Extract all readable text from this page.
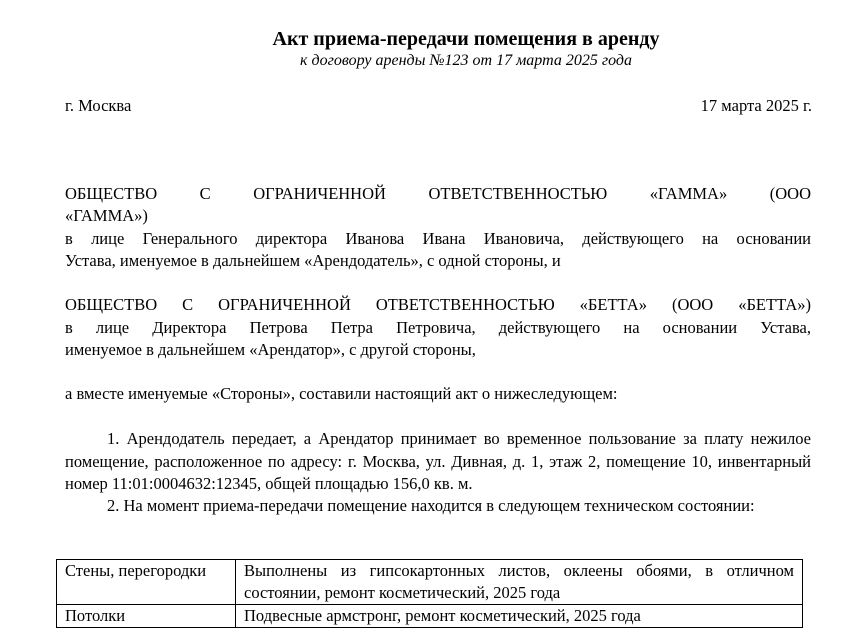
Акт приема-передачи помещения в аренду
к договору аренды №123 от 17 марта 2025 года
г. Москва	17 марта 2025 г.
ОБЩЕСТВО С ОГРАНИЧЕННОЙ ОТВЕТСТВЕННОСТЬЮ «ГАММА» (ООО
«ГАММА»)
в лице Генерального директора Иванова Ивана Ивановича, действующего на основании
Устава, именуемое в дальнейшем «Арендодатель», с одной стороны, и
ОБЩЕСТВО С ОГРАНИЧЕННОЙ ОТВЕТСТВЕННОСТЬЮ «БЕТТА» (ООО «БЕТТА»)
в лице Директора Петрова Петра Петровича, действующего на основании Устава,
именуемое в дальнейшем «Арендатор», с другой стороны,
а вместе именуемые «Стороны», составили настоящий акт о нижеследующем:
1. Арендодатель передает, а Арендатор принимает во временное пользование за плату нежилое помещение, расположенное по адресу: г. Москва, ул. Дивная, д. 1, этаж 2, помещение 10, инвентарный номер 11:01:0004632:12345, общей площадью 156,0 кв. м.
2. На момент приема-передачи помещение находится в следующем техническом состоянии:
Стены, перегородки	Выполнены из гипсокартонных листов, оклеены обоями, в отличном состоянии, ремонт косметический, 2025 года
Потолки	Подвесные армстронг, ремонт косметический, 2025 года
